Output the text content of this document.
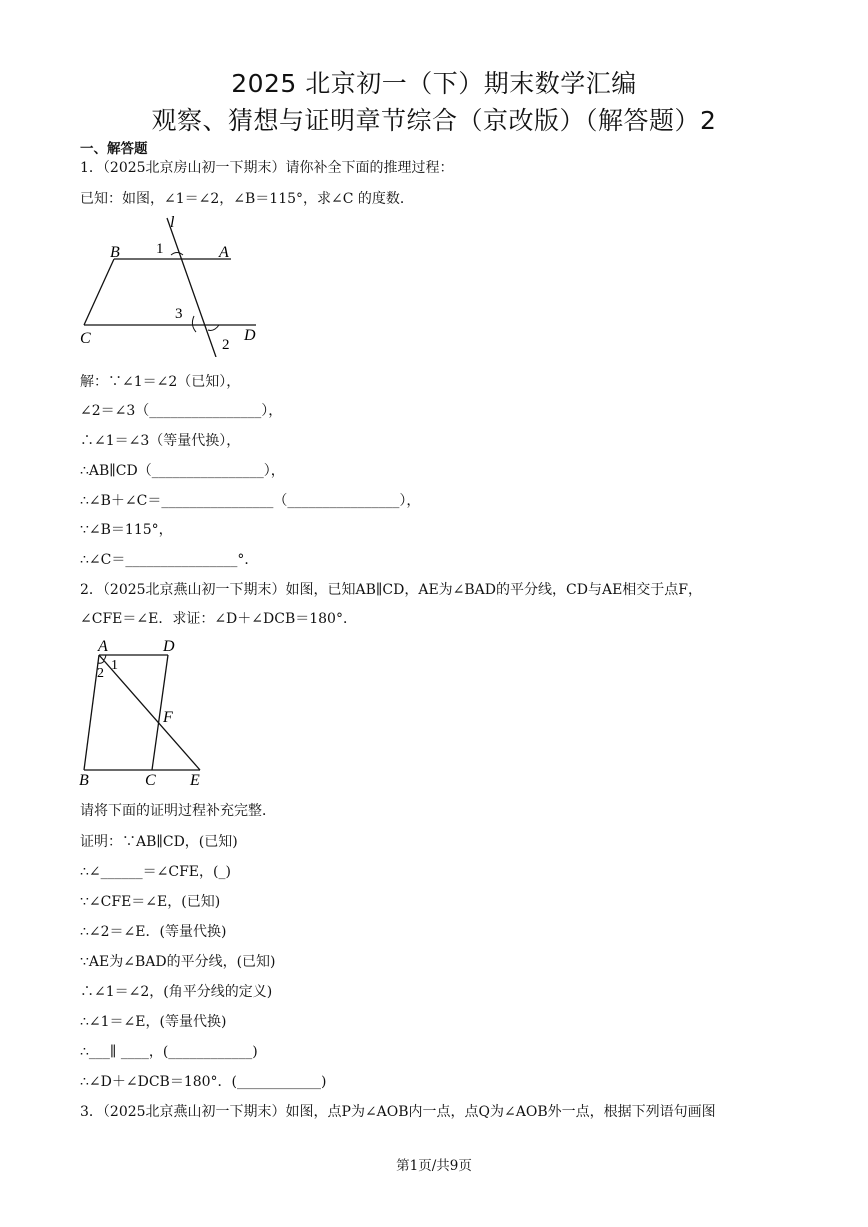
2025 北京初一（下）期末数学汇编
观察、猜想与证明章节综合（京改版）（解答题）2
一、解答题
1．（2025北京房山初一下期末）请你补全下面的推理过程：
已知：如图，∠1＝∠2，∠B＝115°，求∠C 的度数．
l
B 1	A
3
C	D
2
解：∵∠1＝∠2（已知），
∠2＝∠3（________________），
∴∠1＝∠3（等量代换），
∴AB∥CD（________________），
∴∠B＋∠C＝________________（________________），
∵∠B＝115°，
∴∠C＝________________°．
2．（2025北京燕山初一下期末）如图，已知AB∥CD，AE为∠BAD的平分线，CD与AE相交于点F，
∠CFE＝∠E．求证：∠D＋∠DCB＝180°．
A	D
1
2
F
B	C E
请将下面的证明过程补充完整．
证明：∵AB∥CD，(已知)
∴∠______＝∠CFE，(_)
∵∠CFE＝∠E，(已知)
∴∠2＝∠E．(等量代换)
∵AE为∠BAD的平分线，(已知)
∴∠1＝∠2，(角平分线的定义)
∴∠1＝∠E，(等量代换)
∴___∥ ____，(____________)
∴∠D＋∠DCB＝180°．(____________)
3．（2025北京燕山初一下期末）如图，点P为∠AOB内一点，点Q为∠AOB外一点，根据下列语句画图
第1页/共9页
